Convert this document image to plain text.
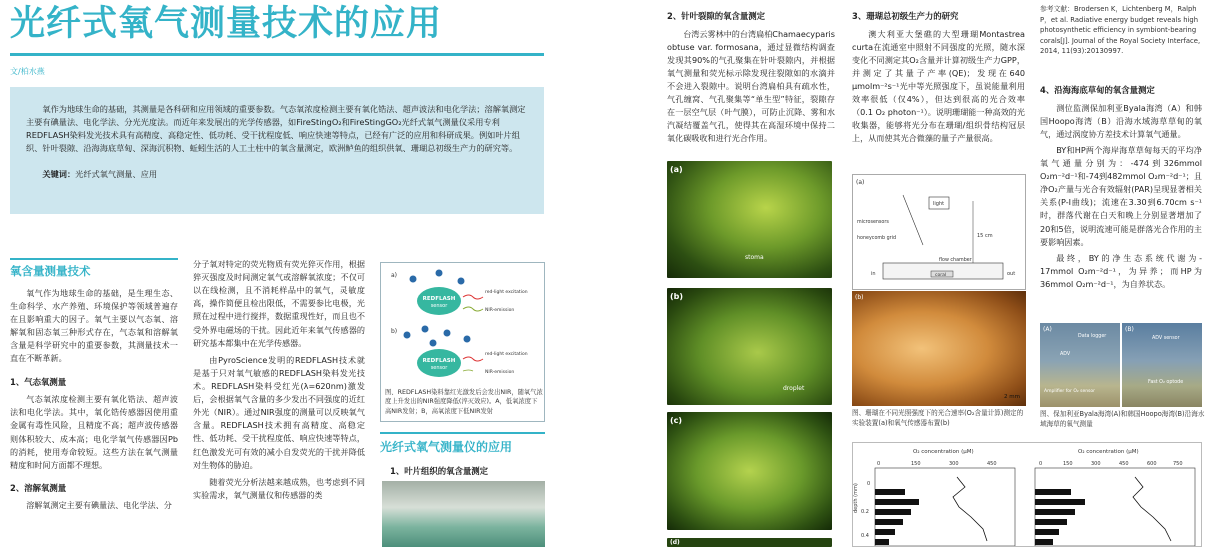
光纤式氧气测量技术的应用
文/柏水燕
氧作为地球生命的基础，其测量是各科研和应用领域的重要参数。气态氧浓度检测主要有氧化锆法、超声波法和电化学法；溶解氧测定主要有碘量法、电化学法、分光光度法。而近年来发展出的光学传感器，如FireStingO₂和FireStingGO₂光纤式氧气测量仪采用专利REDFLASH染料发光技术具有高精度、高稳定性、低功耗、受干扰程度低、响应快速等特点，已经有广泛的应用和科研成果。例如叶片组织、针叶裂隙、沿海海底草甸、深海沉积物、蚯蚓生活的人工土柱中的氧含量测定，欧洲鲈鱼的组织供氧、珊瑚总初级生产力的研究等。
关键词：光纤式氧气测量、应用
氧含量测量技术

氧气作为地球生命的基础，是生理生态、生命科学、水产养殖、环境保护等领域普遍存在且影响重大的因子。氧气主要以气态氧、溶解氧和固态氧三种形式存在，气态氧和溶解氧含量是科学研究中的重要参数，其测量技术一直在不断革新。

1、气态氧测量

气态氧浓度检测主要有氧化锆法、超声波法和电化学法。其中，氧化锆传感器因使用重金属有毒性风险，且精度不高；超声波传感器则体积较大、成本高；电化学氧气传感器因Pb的消耗，使用寿命较短。这些方法在氧气测量精度和时间方面都不理想。

2、溶解氧测量

溶解氧测定主要有碘量法、电化学法、分

分子氧对特定的荧光物质有荧光猝灭作用，根据猝灭强度及时间测定氧气或溶解氧浓度；不仅可以在线检测，且不消耗样品中的氧气，灵敏度高，操作简便且检出限低，不需要参比电极，光照在过程中进行搅拌，数据重现性好，而且也不受外界电磁场的干扰。因此近年来氧气传感器的研究基本都集中在光学传感器。

由PyroScience发明的REDFLASH技术就是基于只对氧气敏感的REDFLASH染料发光技术。REDFLASH染料受红光(λ=620nm)激发后，会根据氧气含量的多少发出不同强度的近红外光（NIR）。通过NIR强度的测量可以反映氧气含量。REDFLASH技术拥有高精度、高稳定性、低功耗、受干扰程度低、响应快速等特点，红色激发光可有效的减小自发荧光的干扰并降低对生物体的胁迫。

随着荧光分析法越来越成熟，也考虑到不同实验需求，氧气测量仪和传感器的类

a)
REDFLASH
sensor
red-light excitation
NIR-emission
b)
REDFLASH
sensor
red-light excitation
NIR-emission
图、REDFLASH染料靠红光激发后会发出NIR，随氧气浓度上升发出的NIR强度降低(淬灭效应)。A，低氧浓度下高NIR发射；B，高氧浓度下低NIR发射
光纤式氧气测量仪的应用
1、叶片组织的氧含量测定
2、针叶裂隙的氧含量测定

台湾云雾林中的台湾扁柏Chamaecyparis obtuse var. formosana，通过显微结构调查发现其90%的气孔聚集在针叶裂隙内，并根据氧气测量和荧光标示除发现往裂隙如的水滴并不会进入裂隙中。说明台湾扁柏具有疏水性，气孔缠窝、气孔聚集等“单生型”特征，裂隙存在一层空气层（叶气膜），可防止沉降、雾和水汽凝结覆盖气孔，使得其在高湿环境中保持二氧化碳吸收和进行光合作用。

(a)
stoma
(b)
droplet
(c)
(d)
3、珊瑚总初级生产力的研究

澳大利亚大堡礁的大型珊瑚Montastrea curta在流通室中照射不同强度的光照，随水深变化不同测定其O₂含量并计算初级生产力GPP，并测定了其量子产率(QE)；发现在640 μmolm⁻²s⁻¹光中等光照强度下，虽说能量利用效率很低（仅4%），但达到很高的光合效率（0.1 O₂ photon⁻¹）。说明珊瑚能一种高效的光收集器，能够将光分布在珊瑚/组织骨结构冠层上，从而使其光合微藻的量子产量很高。

(a)
light
microsensors
honeycomb grid	15 cm
flow chamber
coral
in	out
(b)
2 mm
图、珊瑚在不同光照强度下的光合速率(O₂含量计算)测定的实验装置(a)和氧气传感器布置(b)
参考文献：Brodersen K，Lichtenberg M，Ralph P，et al. Radiative energy budget reveals high photosynthetic efficiency in symbiont-bearing corals[J]. Journal of the Royal Society Interface, 2014, 11(93):20130997.
4、沿海海底草甸的氧含量测定

测位监测保加利亚Byala海湾（A）和韩国Hoopo海湾（B）沿海水域海草草甸的氧气，通过涡度协方差技术计算氧气通量。

BY和HP两个海岸海草草甸每天的平均净氧气通量分别为：-474到326mmol O₂m⁻²d⁻¹和-74到482mmol O₂m⁻²d⁻¹；且净O₂产量与光合有效辐射(PAR)呈现显著相关关系(P-I曲线)；流速在3.30到6.70cm s⁻¹时，群落代谢在白天和晚上分别显著增加了20和5倍，说明流速可能是群落光合作用的主要影响因素。

最终，BY的净生态系统代谢为- 17mmol O₂m⁻²d⁻¹，为异养；而HP为36mmol O₂m⁻²d⁻¹，为自养状态。

(A)
Data logger
ADV
Amplifier for O₂ sensor
(B)
ADV sensor
Fast O₂ optode
图、保加利亚Byala海湾(A)和韩国Hoopo海湾(B)沿海水域海草的氧气测量
O₂ concentration (μM)	O₂ concentration (μM)
0	150	300	450	0	150	300	450	600	750
0
0.2
0.4
depth (mm)
